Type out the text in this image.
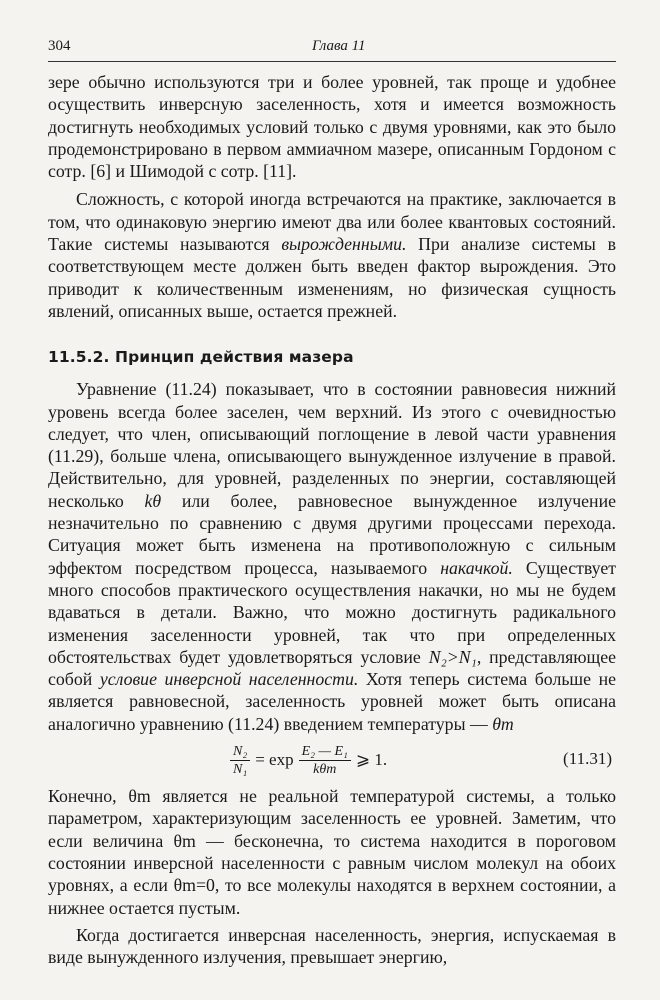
304	Глава 11

зере обычно используются три и более уровней, так проще и удобнее осуществить инверсную заселенность, хотя и имеется возможность достигнуть необходимых условий только с двумя уровнями, как это было продемонстрировано в первом аммиачном мазере, описанным Гордоном с сотр. [6] и Шимодой с сотр. [11].

Сложность, с которой иногда встречаются на практике, заключается в том, что одинаковую энергию имеют два или более квантовых состояний. Такие системы называются вырожденными. При анализе системы в соответствующем месте должен быть введен фактор вырождения. Это приводит к количественным изменениям, но физическая сущность явлений, описанных выше, остается прежней.

11.5.2. Принцип действия мазера

Уравнение (11.24) показывает, что в состоянии равновесия нижний уровень всегда более заселен, чем верхний. Из этого с очевидностью следует, что член, описывающий поглощение в левой части уравнения (11.29), больше члена, описывающего вынужденное излучение в правой. Действительно, для уровней, разделенных по энергии, составляющей несколько kθ или более, равновесное вынужденное излучение незначительно по сравнению с двумя другими процессами перехода. Ситуация может быть изменена на противоположную с сильным эффектом посредством процесса, называемого накачкой. Существует много способов практического осуществления накачки, но мы не будем вдаваться в детали. Важно, что можно достигнуть радикального изменения заселенности уровней, так что при определенных обстоятельствах будет удовлетворяться условие N₂>N₁, представляющее собой условие инверсной населенности. Хотя теперь система больше не является равновесной, заселенность уровней может быть описана аналогично уравнению (11.24) введением температуры — θm

$\frac{\text{N₂}}{\text{N₁}} = \exp \frac{\text{E₂ — E₁}}{\text{kθm}}$ ⩾ 1.	(11.31)

Конечно, θm является не реальной температурой системы, а только параметром, характеризующим заселенность ее уровней. Заметим, что если величина θm — бесконечна, то система находится в пороговом состоянии инверсной населенности с равным числом молекул на обоих уровнях, а если θm=0, то все молекулы находятся в верхнем состоянии, а нижнее остается пустым.

Когда достигается инверсная населенность, энергия, испускаемая в виде вынужденного излучения, превышает энергию,
